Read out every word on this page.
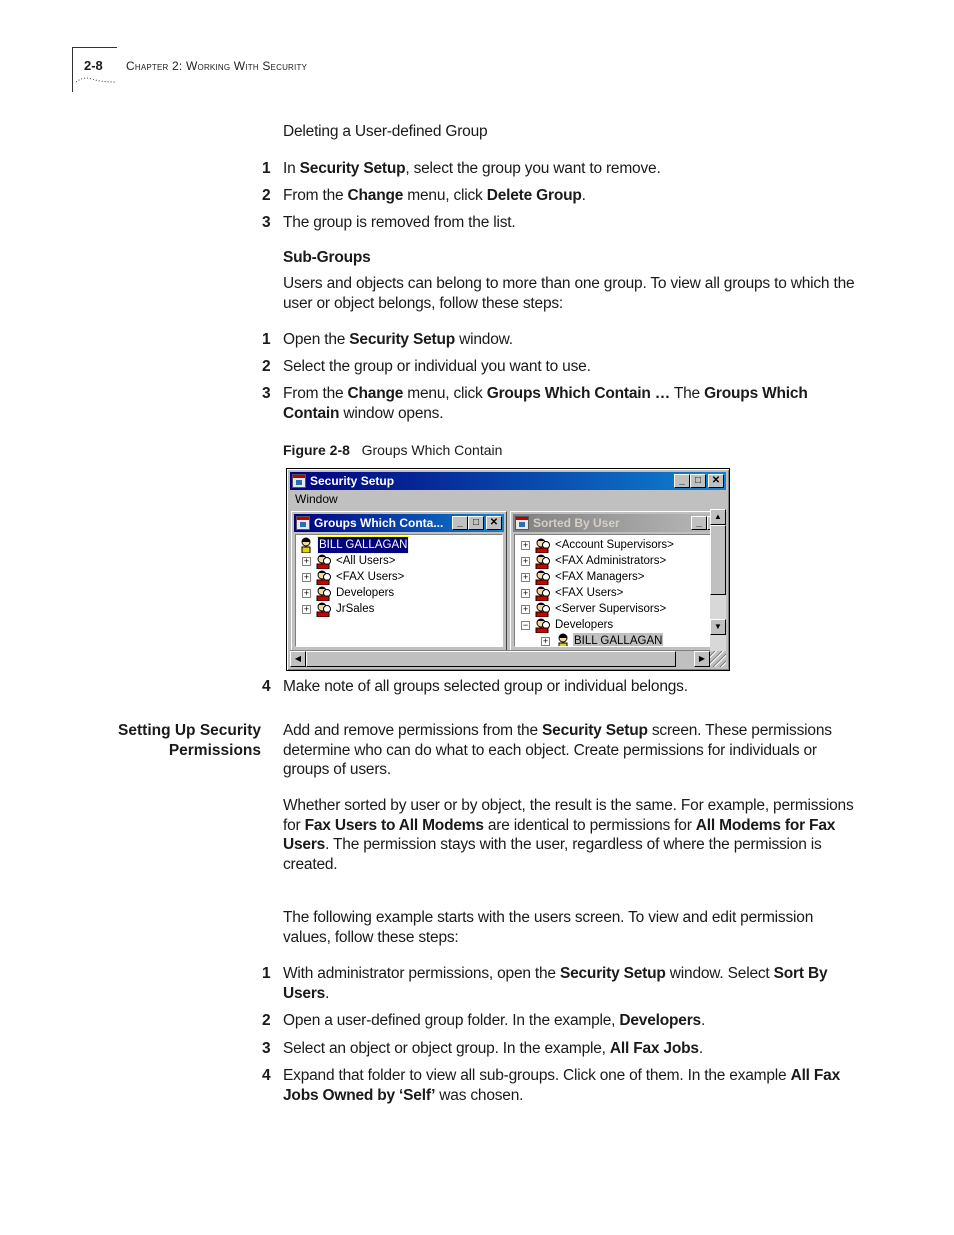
2-8 Chapter 2: Working With Security
Deleting a User-defined Group
1 In Security Setup, select the group you want to remove.
2 From the Change menu, click Delete Group.
3 The group is removed from the list.
Sub-Groups
Users and objects can belong to more than one group. To view all groups to which the user or object belongs, follow these steps:
1 Open the Security Setup window.
2 Select the group or individual you want to use.
3 From the Change menu, click Groups Which Contain … The Groups Which Contain window opens.
Figure 2-8 Groups Which Contain
Security Setup	_	□	✕
Window
Groups Which Conta...	_	□	✕
BILL GALLAGAN
+ <All Users>
+ <FAX Users>
+ Developers
+ JrSales
Sorted By User	_
+ <Account Supervisors>
+ <FAX Administrators>
+ <FAX Managers>
+ <FAX Users>
+ <Server Supervisors>
− Developers
+ BILL GALLAGAN
▲
▼
◀	▶
4 Make note of all groups selected group or individual belongs.
Setting Up Security
Permissions
Add and remove permissions from the Security Setup screen. These permissions determine who can do what to each object. Create permissions for individuals or groups of users.
Whether sorted by user or by object, the result is the same. For example, permissions for Fax Users to All Modems are identical to permissions for All Modems for Fax Users. The permission stays with the user, regardless of where the permission is created.
The following example starts with the users screen. To view and edit permission values, follow these steps:
1 With administrator permissions, open the Security Setup window. Select Sort By Users.
2 Open a user-defined group folder. In the example, Developers.
3 Select an object or object group. In the example, All Fax Jobs.
4 Expand that folder to view all sub-groups. Click one of them. In the example All Fax Jobs Owned by ‘Self’ was chosen.
